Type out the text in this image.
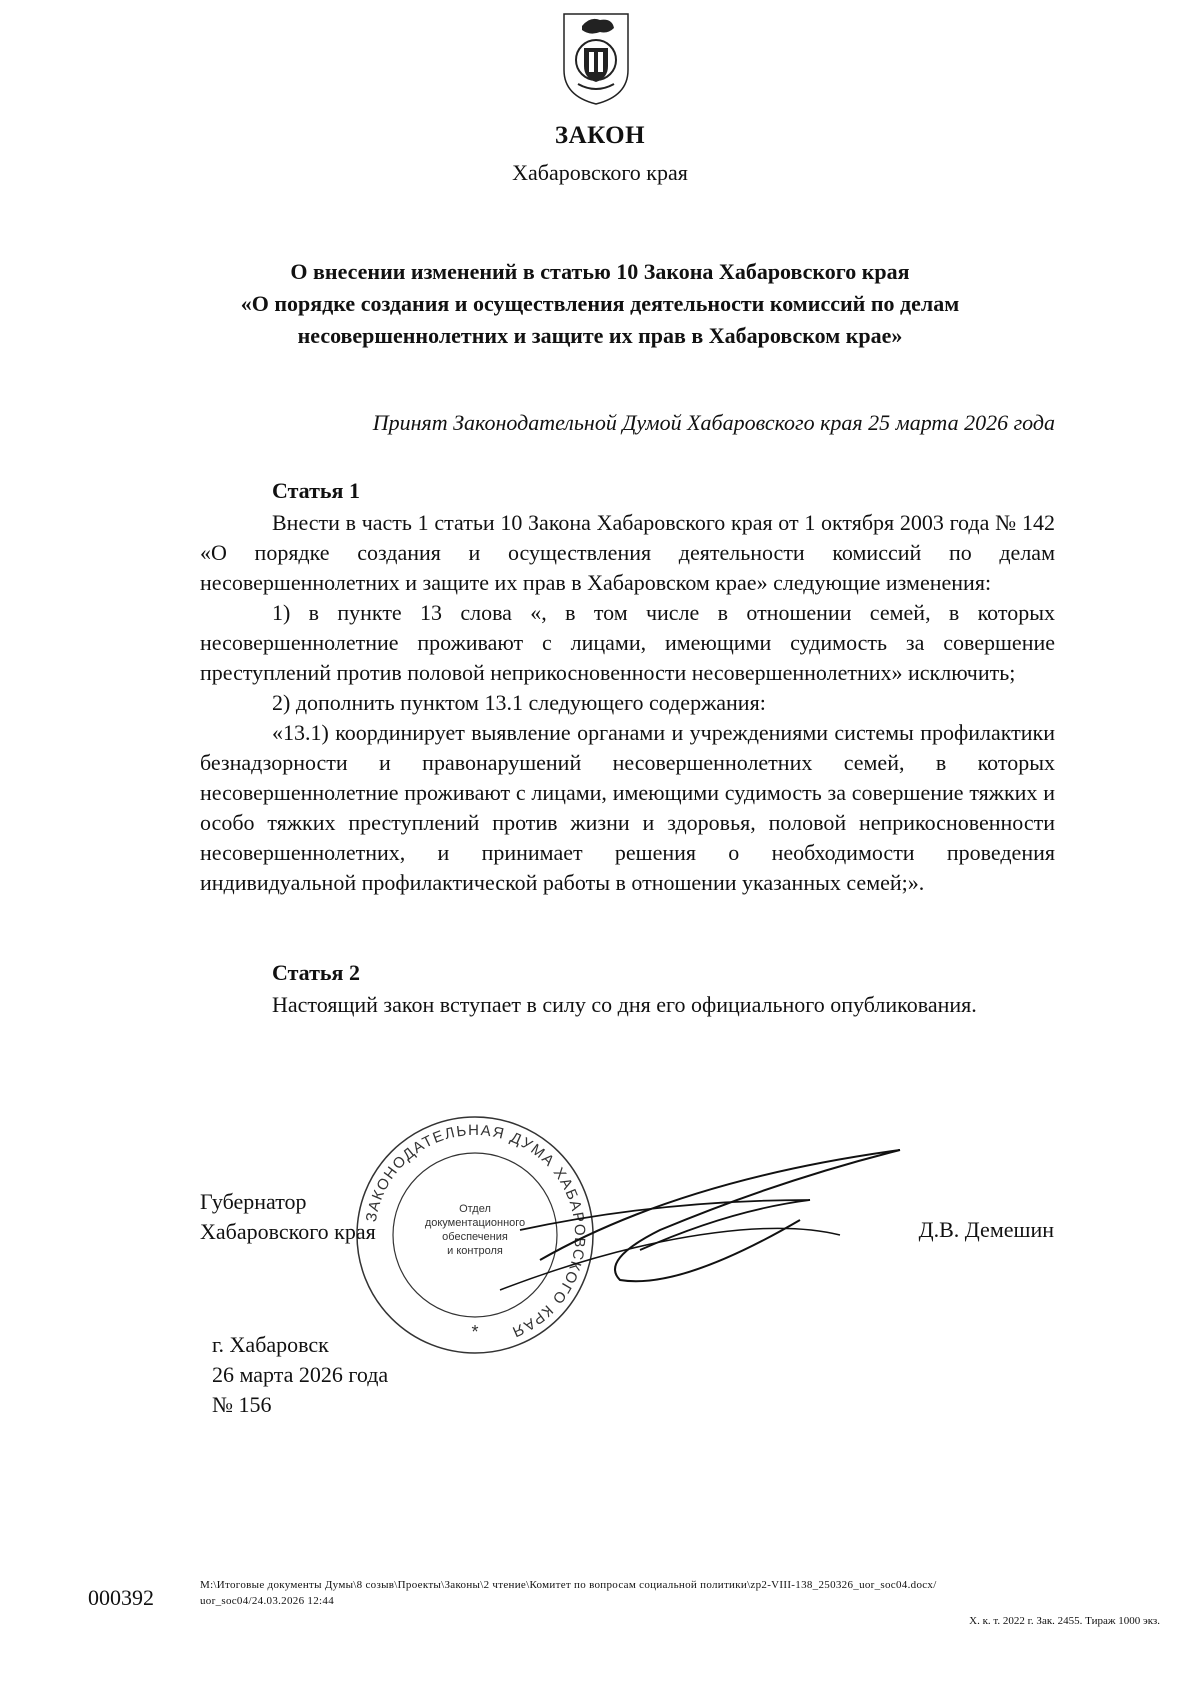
ЗАКОН
Хабаровского края
О внесении изменений в статью 10 Закона Хабаровского края
«О порядке создания и осуществления деятельности комиссий по делам
несовершеннолетних и защите их прав в Хабаровском крае»
Принят Законодательной Думой Хабаровского края 25 марта 2026 года
Статья 1

Внести в часть 1 статьи 10 Закона Хабаровского края от 1 октября 2003 года № 142 «О порядке создания и осуществления деятельности комиссий по делам несовершеннолетних и защите их прав в Хабаровском крае» следующие изменения:

1) в пункте 13 слова «, в том числе в отношении семей, в которых несовершеннолетние проживают с лицами, имеющими судимость за совершение преступлений против половой неприкосновенности несовершеннолетних» исключить;

2) дополнить пунктом 13.1 следующего содержания:

«13.1) координирует выявление органами и учреждениями системы профилактики безнадзорности и правонарушений несовершеннолетних семей, в которых несовершеннолетние проживают с лицами, имеющими судимость за совершение тяжких и особо тяжких преступлений против жизни и здоровья, половой неприкосновенности несовершеннолетних, и принимает решения о необходимости проведения индивидуальной профилактической работы в отношении указанных семей;».

Статья 2

Настоящий закон вступает в силу со дня его официального опубликования.

ЗАКОНОДАТЕЛЬНАЯ ДУМА ХАБАРОВСКОГО КРАЯ
Отдел
документационного
обеспечения
и контроля
*
Губернатор
Хабаровского края	Д.В. Демешин
г. Хабаровск
26 марта 2026 года
№ 156
000392	M:\Итоговые документы Думы\8 созыв\Проекты\Законы\2 чтение\Комитет по вопросам социальной политики\zp2-VIII-138_250326_uor_soc04.docx/
uor_soc04/24.03.2026 12:44
Х. к. т. 2022 г. Зак. 2455. Тираж 1000 экз.
